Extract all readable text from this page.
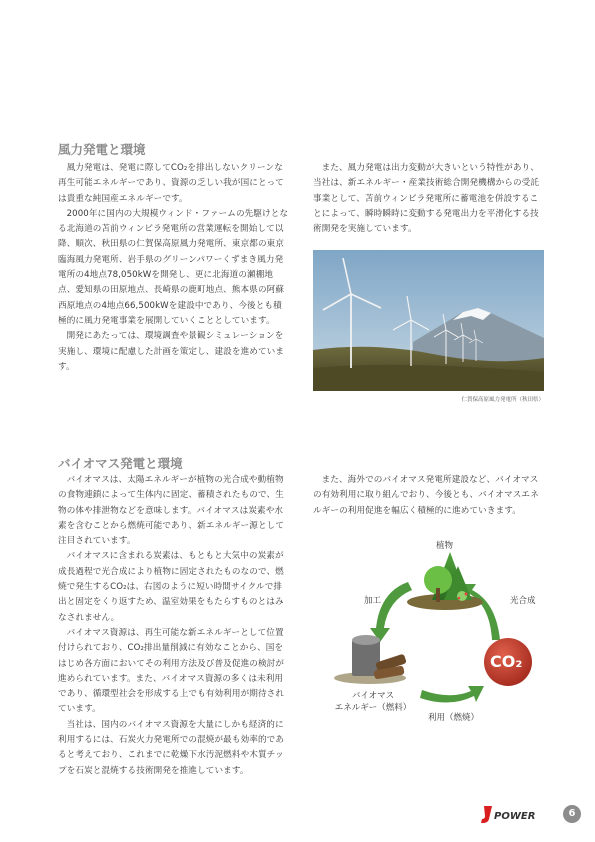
風力発電と環境

風力発電は、発電に際してCO₂を排出しないクリーンな再生可能エネルギーであり、資源の乏しい我が国にとっては貴重な純国産エネルギーです。

2000年に国内の大規模ウィンド・ファームの先駆けとなる北海道の苫前ウィンビラ発電所の営業運転を開始して以降、順次、秋田県の仁賀保高原風力発電所、東京都の東京臨海風力発電所、岩手県のグリーンパワーくずまき風力発電所の4地点78,050kWを開発し、更に北海道の瀬棚地点、愛知県の田原地点、長崎県の鹿町地点、熊本県の阿蘇西原地点の4地点66,500kWを建設中であり、今後とも積極的に風力発電事業を展開していくこととしています。

開発にあたっては、環境調査や景観シミュレーションを実施し、環境に配慮した計画を策定し、建設を進めています。

また、風力発電は出力変動が大きいという特性があり、当社は、新エネルギー・産業技術総合開発機構からの受託事業として、苫前ウィンビラ発電所に蓄電池を併設することによって、瞬時瞬時に変動する発電出力を平滑化する技術開発を実施しています。

仁賀保高原風力発電所（秋田県）
バイオマス発電と環境

バイオマスは、太陽エネルギーが植物の光合成や動植物の食物連鎖によって生体内に固定、蓄積されたもので、生物の体や排泄物などを意味します。バイオマスは炭素や水素を含むことから燃焼可能であり、新エネルギー源として注目されています。

バイオマスに含まれる炭素は、もともと大気中の炭素が成長過程で光合成により植物に固定されたものなので、燃焼で発生するCO₂は、右図のように短い時間サイクルで排出と固定をくり返すため、温室効果をもたらすものとはみなされません。

バイオマス資源は、再生可能な新エネルギーとして位置付けられており、CO₂排出量削減に有効なことから、国をはじめ各方面においてその利用方法及び普及促進の検討が進められています。また、バイオマス資源の多くは未利用であり、循環型社会を形成する上でも有効利用が期待されています。

当社は、国内のバイオマス資源を大量にしかも経済的に利用するには、石炭火力発電所での混焼が最も効率的であると考えており、これまでに乾燥下水汚泥燃料や木質チップを石炭と混焼する技術開発を推進しています。

また、海外でのバイオマス発電所建設など、バイオマスの有効利用に取り組んでおり、今後とも、バイオマスエネルギーの利用促進を幅広く積極的に進めていきます。

植物
光合成
加工
CO₂
バイオマス
エネルギー（燃料）
利用（燃焼）
POWER	6
